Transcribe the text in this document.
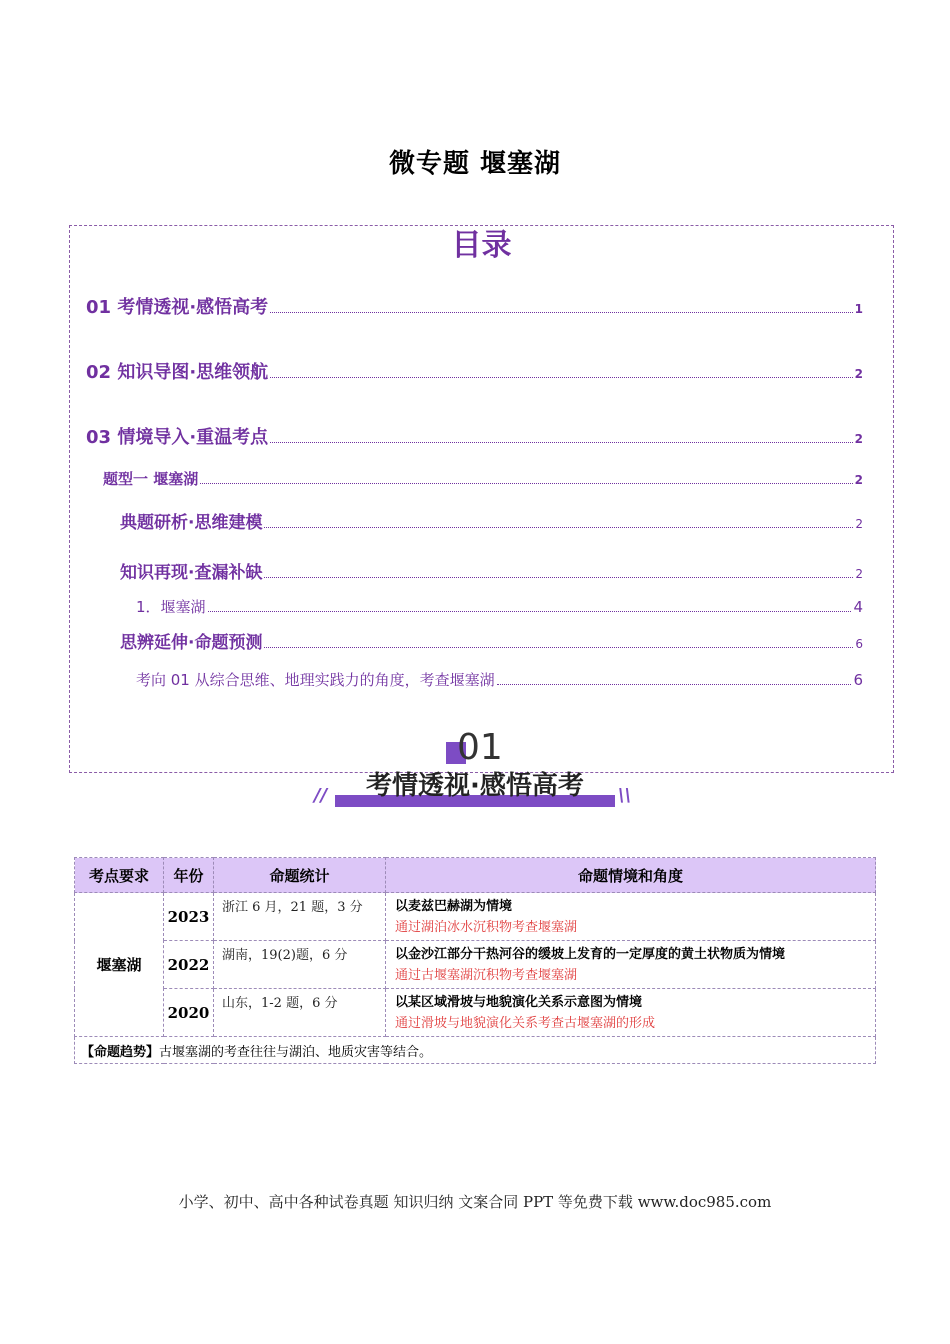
微专题 堰塞湖
目录
01 考情透视·感悟高考	1
02 知识导图·思维领航	2
03 情境导入·重温考点	2
题型一 堰塞湖	2
典题研析·思维建模	2
知识再现·查漏补缺	2
1．堰塞湖	4
思辨延伸·命题预测	6
考向 01 从综合思维、地理实践力的角度，考查堰塞湖	6
01
考情透视·感悟高考
//	\\
考点要求	年份	命题统计	命题情境和角度
堰塞湖	2023	浙江 6 月，21 题，3 分	以麦兹巴赫湖为情境
通过湖泊冰水沉积物考查堰塞湖

	2022	湖南，19(2)题，6 分	以金沙江部分干热河谷的缓坡上发育的一定厚度的黄土状物质为情境
通过古堰塞湖沉积物考查堰塞湖

	2020	山东，1-2 题，6 分	以某区域滑坡与地貌演化关系示意图为情境
通过滑坡与地貌演化关系考查古堰塞湖的形成

【命题趋势】古堰塞湖的考查往往与湖泊、地质灾害等结合。			
小学、初中、高中各种试卷真题 知识归纳 文案合同 PPT 等免费下载 www.doc985.com
